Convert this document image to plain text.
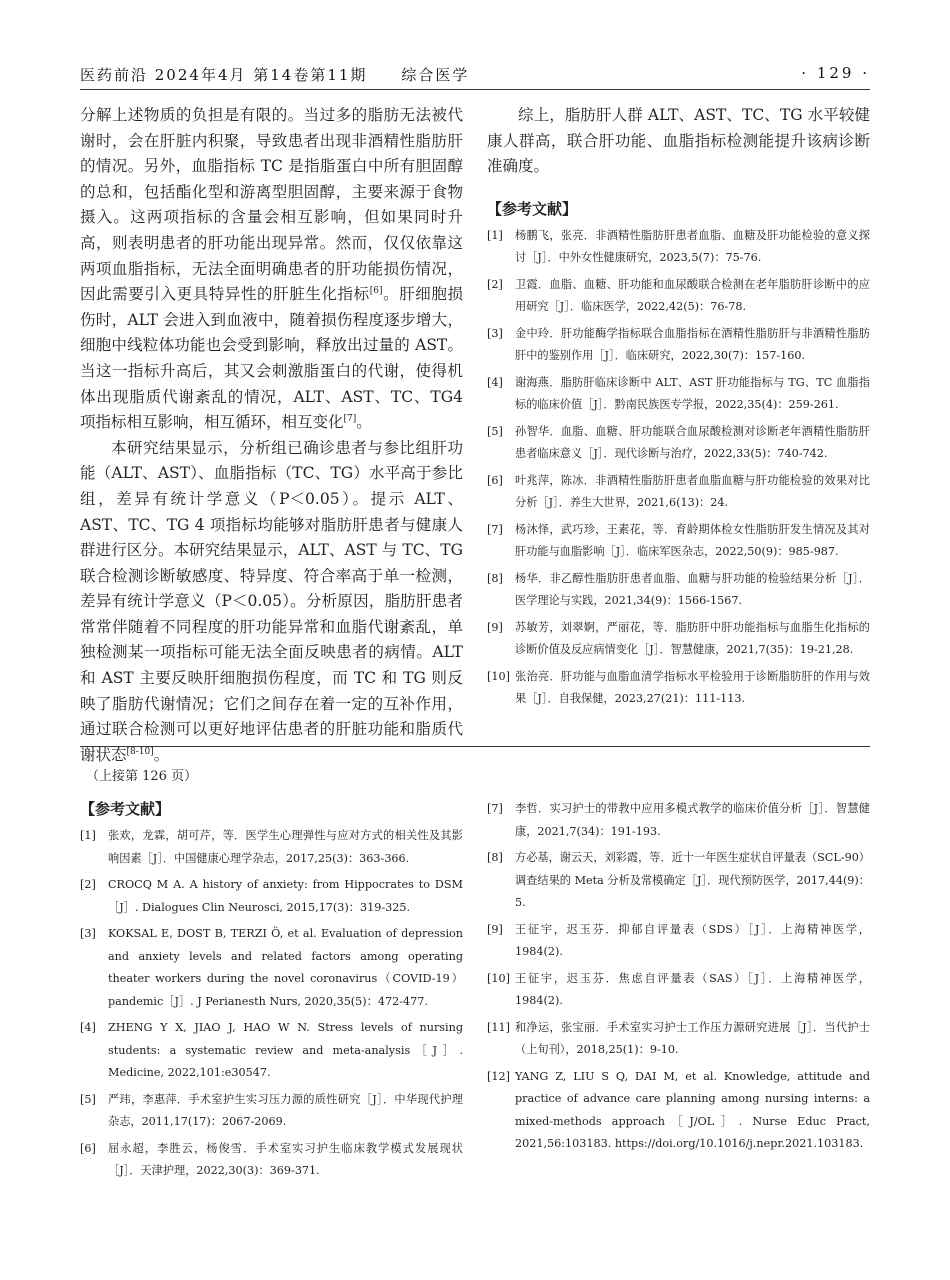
医药前沿 2024年4月 第14卷第11期　　综合医学	· 129 ·

分解上述物质的负担是有限的。当过多的脂肪无法被代谢时，会在肝脏内积聚，导致患者出现非酒精性脂肪肝的情况。另外，血脂指标 TC 是指脂蛋白中所有胆固醇的总和，包括酯化型和游离型胆固醇，主要来源于食物摄入。这两项指标的含量会相互影响，但如果同时升高，则表明患者的肝功能出现异常。然而，仅仅依靠这两项血脂指标，无法全面明确患者的肝功能损伤情况，因此需要引入更具特异性的肝脏生化指标[6]。肝细胞损伤时，ALT 会进入到血液中，随着损伤程度逐步增大，细胞中线粒体功能也会受到影响，释放出过量的 AST。当这一指标升高后，其又会刺激脂蛋白的代谢，使得机体出现脂质代谢紊乱的情况，ALT、AST、TC、TG4 项指标相互影响，相互循环，相互变化[7]。

本研究结果显示，分析组已确诊患者与参比组肝功能（ALT、AST）、血脂指标（TC、TG）水平高于参比组，差异有统计学意义（P＜0.05）。提示 ALT、AST、TC、TG 4 项指标均能够对脂肪肝患者与健康人群进行区分。本研究结果显示，ALT、AST 与 TC、TG 联合检测诊断敏感度、特异度、符合率高于单一检测，差异有统计学意义（P＜0.05）。分析原因，脂肪肝患者常常伴随着不同程度的肝功能异常和血脂代谢紊乱，单独检测某一项指标可能无法全面反映患者的病情。ALT 和 AST 主要反映肝细胞损伤程度，而 TC 和 TG 则反映了脂肪代谢情况；它们之间存在着一定的互补作用，通过联合检测可以更好地评估患者的肝脏功能和脂质代谢状态[8-10]。

综上，脂肪肝人群 ALT、AST、TC、TG 水平较健康人群高，联合肝功能、血脂指标检测能提升该病诊断准确度。

【参考文献】
[1] 杨鹏飞，张亮．非酒精性脂肪肝患者血脂、血糖及肝功能检验的意义探讨［J］．中外女性健康研究，2023,5(7)：75-76.
[2] 卫霞．血脂、血糖、肝功能和血尿酸联合检测在老年脂肪肝诊断中的应用研究［J］．临床医学，2022,42(5)：76-78.
[3] 金中玲．肝功能酶学指标联合血脂指标在酒精性脂肪肝与非酒精性脂肪肝中的鉴别作用［J］．临床研究，2022,30(7)：157-160.
[4] 谢海燕．脂肪肝临床诊断中 ALT、AST 肝功能指标与 TG、TC 血脂指标的临床价值［J］．黔南民族医专学报，2022,35(4)：259-261.
[5] 孙智华．血脂、血糖、肝功能联合血尿酸检测对诊断老年酒精性脂肪肝患者临床意义［J］．现代诊断与治疗，2022,33(5)：740-742.
[6] 叶兆萍，陈冰．非酒精性脂肪肝患者血脂血糖与肝功能检验的效果对比分析［J］．养生大世界，2021,6(13)：24.
[7] 杨沐怿，武巧珍，王素花，等．育龄期体检女性脂肪肝发生情况及其对肝功能与血脂影响［J］．临床军医杂志，2022,50(9)：985-987.
[8] 杨华．非乙醇性脂肪肝患者血脂、血糖与肝功能的检验结果分析［J］．医学理论与实践，2021,34(9)：1566-1567.
[9] 苏敏芳，刘翠婀，严丽花，等．脂肪肝中肝功能指标与血脂生化指标的诊断价值及反应病情变化［J］．智慧健康，2021,7(35)：19-21,28.
[10] 张治亮．肝功能与血脂血清学指标水平检验用于诊断脂肪肝的作用与效果［J］．自我保健，2023,27(21)：111-113.
（上接第 126 页）
【参考文献】
[1] 张欢，龙霖，胡可芹，等．医学生心理弹性与应对方式的相关性及其影响因素［J］．中国健康心理学杂志，2017,25(3)：363-366.
[2] CROCQ M A. A history of anxiety: from Hippocrates to DSM［J］. Dialogues Clin Neurosci, 2015,17(3)：319-325.
[3] KOKSAL E, DOST B, TERZI Ö, et al. Evaluation of depression and anxiety levels and related factors among operating theater workers during the novel coronavirus（COVID-19）pandemic［J］. J Perianesth Nurs, 2020,35(5)：472-477.
[4] ZHENG Y X, JIAO J, HAO W N. Stress levels of nursing students: a systematic review and meta-analysis［J］. Medicine, 2022,101:e30547.
[5] 严玮，李惠萍．手术室护生实习压力源的质性研究［J］．中华现代护理杂志，2011,17(17)：2067-2069.
[6] 屈永超，李胜云，杨俊雪．手术室实习护生临床教学模式发展现状［J］．天津护理，2022,30(3)：369-371.
[7] 李哲．实习护士的带教中应用多模式教学的临床价值分析［J］．智慧健康，2021,7(34)：191-193.
[8] 方必基，谢云天，刘彩霞，等．近十一年医生症状自评量表（SCL-90）调查结果的 Meta 分析及常模确定［J］．现代预防医学，2017,44(9)：5.
[9] 王征宇，迟玉芬．抑郁自评量表（SDS）［J］．上海精神医学，1984(2).
[10] 王征宇，迟玉芬．焦虑自评量表（SAS）［J］．上海精神医学，1984(2).
[11] 和净运，张宝丽．手术室实习护士工作压力源研究进展［J］．当代护士（上旬刊），2018,25(1)：9-10.
[12] YANG Z, LIU S Q, DAI M, et al. Knowledge, attitude and practice of advance care planning among nursing interns: a mixed-methods approach［J/OL］. Nurse Educ Pract, 2021,56:103183. https://doi.org/10.1016/j.nepr.2021.103183.
